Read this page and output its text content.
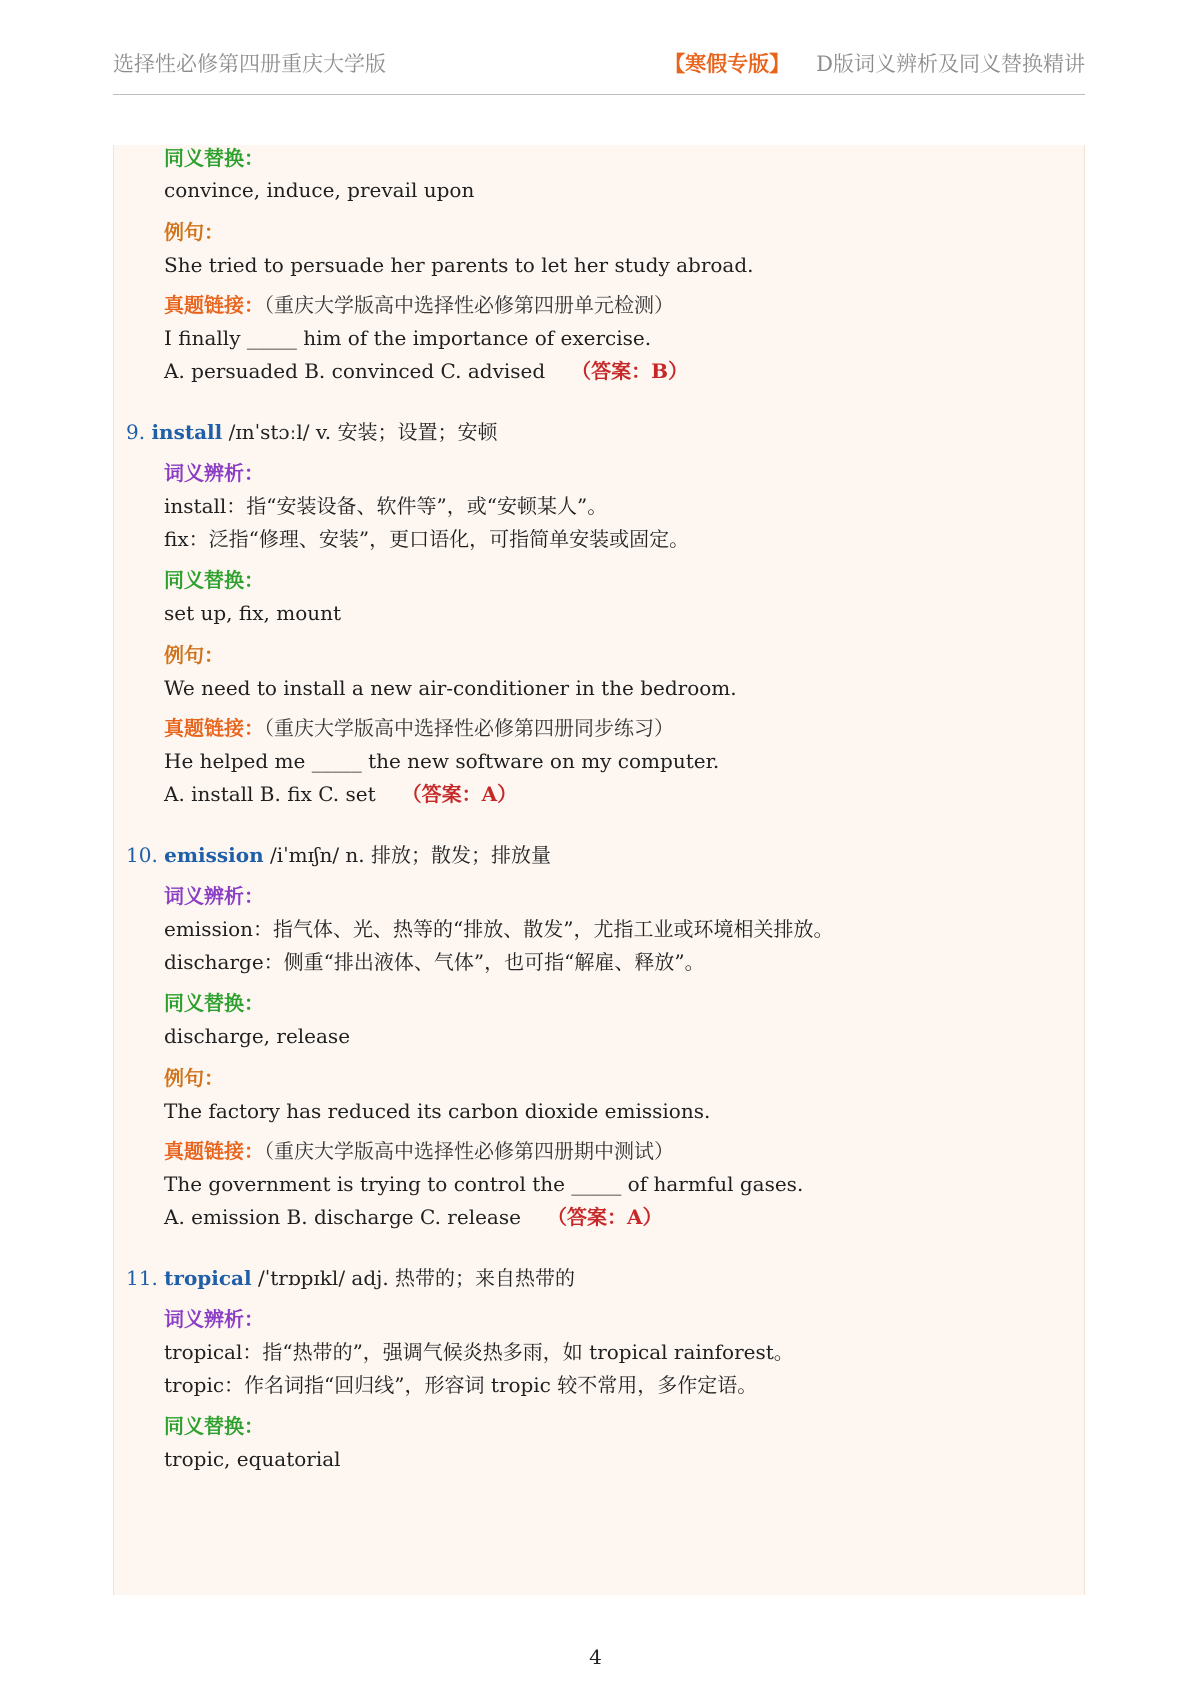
选择性必修第四册重庆大学版	【寒假专版】 D版词义辨析及同义替换精讲
同义替换：
convince, induce, prevail upon
例句：
She tried to persuade her parents to let her study abroad.
真题链接：（重庆大学版高中选择性必修第四册单元检测）
I finally _____ him of the importance of exercise.
A. persuaded B. convinced C. advised （答案：B）
9. install /ɪnˈstɔːl/ v. 安装；设置；安顿
词义辨析：
install：指“安装设备、软件等”，或“安顿某人”。
fix：泛指“修理、安装”，更口语化，可指简单安装或固定。
同义替换：
set up, fix, mount
例句：
We need to install a new air-conditioner in the bedroom.
真题链接：（重庆大学版高中选择性必修第四册同步练习）
He helped me _____ the new software on my computer.
A. install B. fix C. set （答案：A）
10. emission /iˈmɪʃn/ n. 排放；散发；排放量
词义辨析：
emission：指气体、光、热等的“排放、散发”，尤指工业或环境相关排放。
discharge：侧重“排出液体、气体”，也可指“解雇、释放”。
同义替换：
discharge, release
例句：
The factory has reduced its carbon dioxide emissions.
真题链接：（重庆大学版高中选择性必修第四册期中测试）
The government is trying to control the _____ of harmful gases.
A. emission B. discharge C. release （答案：A）
11. tropical /ˈtrɒpɪkl/ adj. 热带的；来自热带的
词义辨析：
tropical：指“热带的”，强调气候炎热多雨，如 tropical rainforest。
tropic：作名词指“回归线”，形容词 tropic 较不常用，多作定语。
同义替换：
tropic, equatorial
4
